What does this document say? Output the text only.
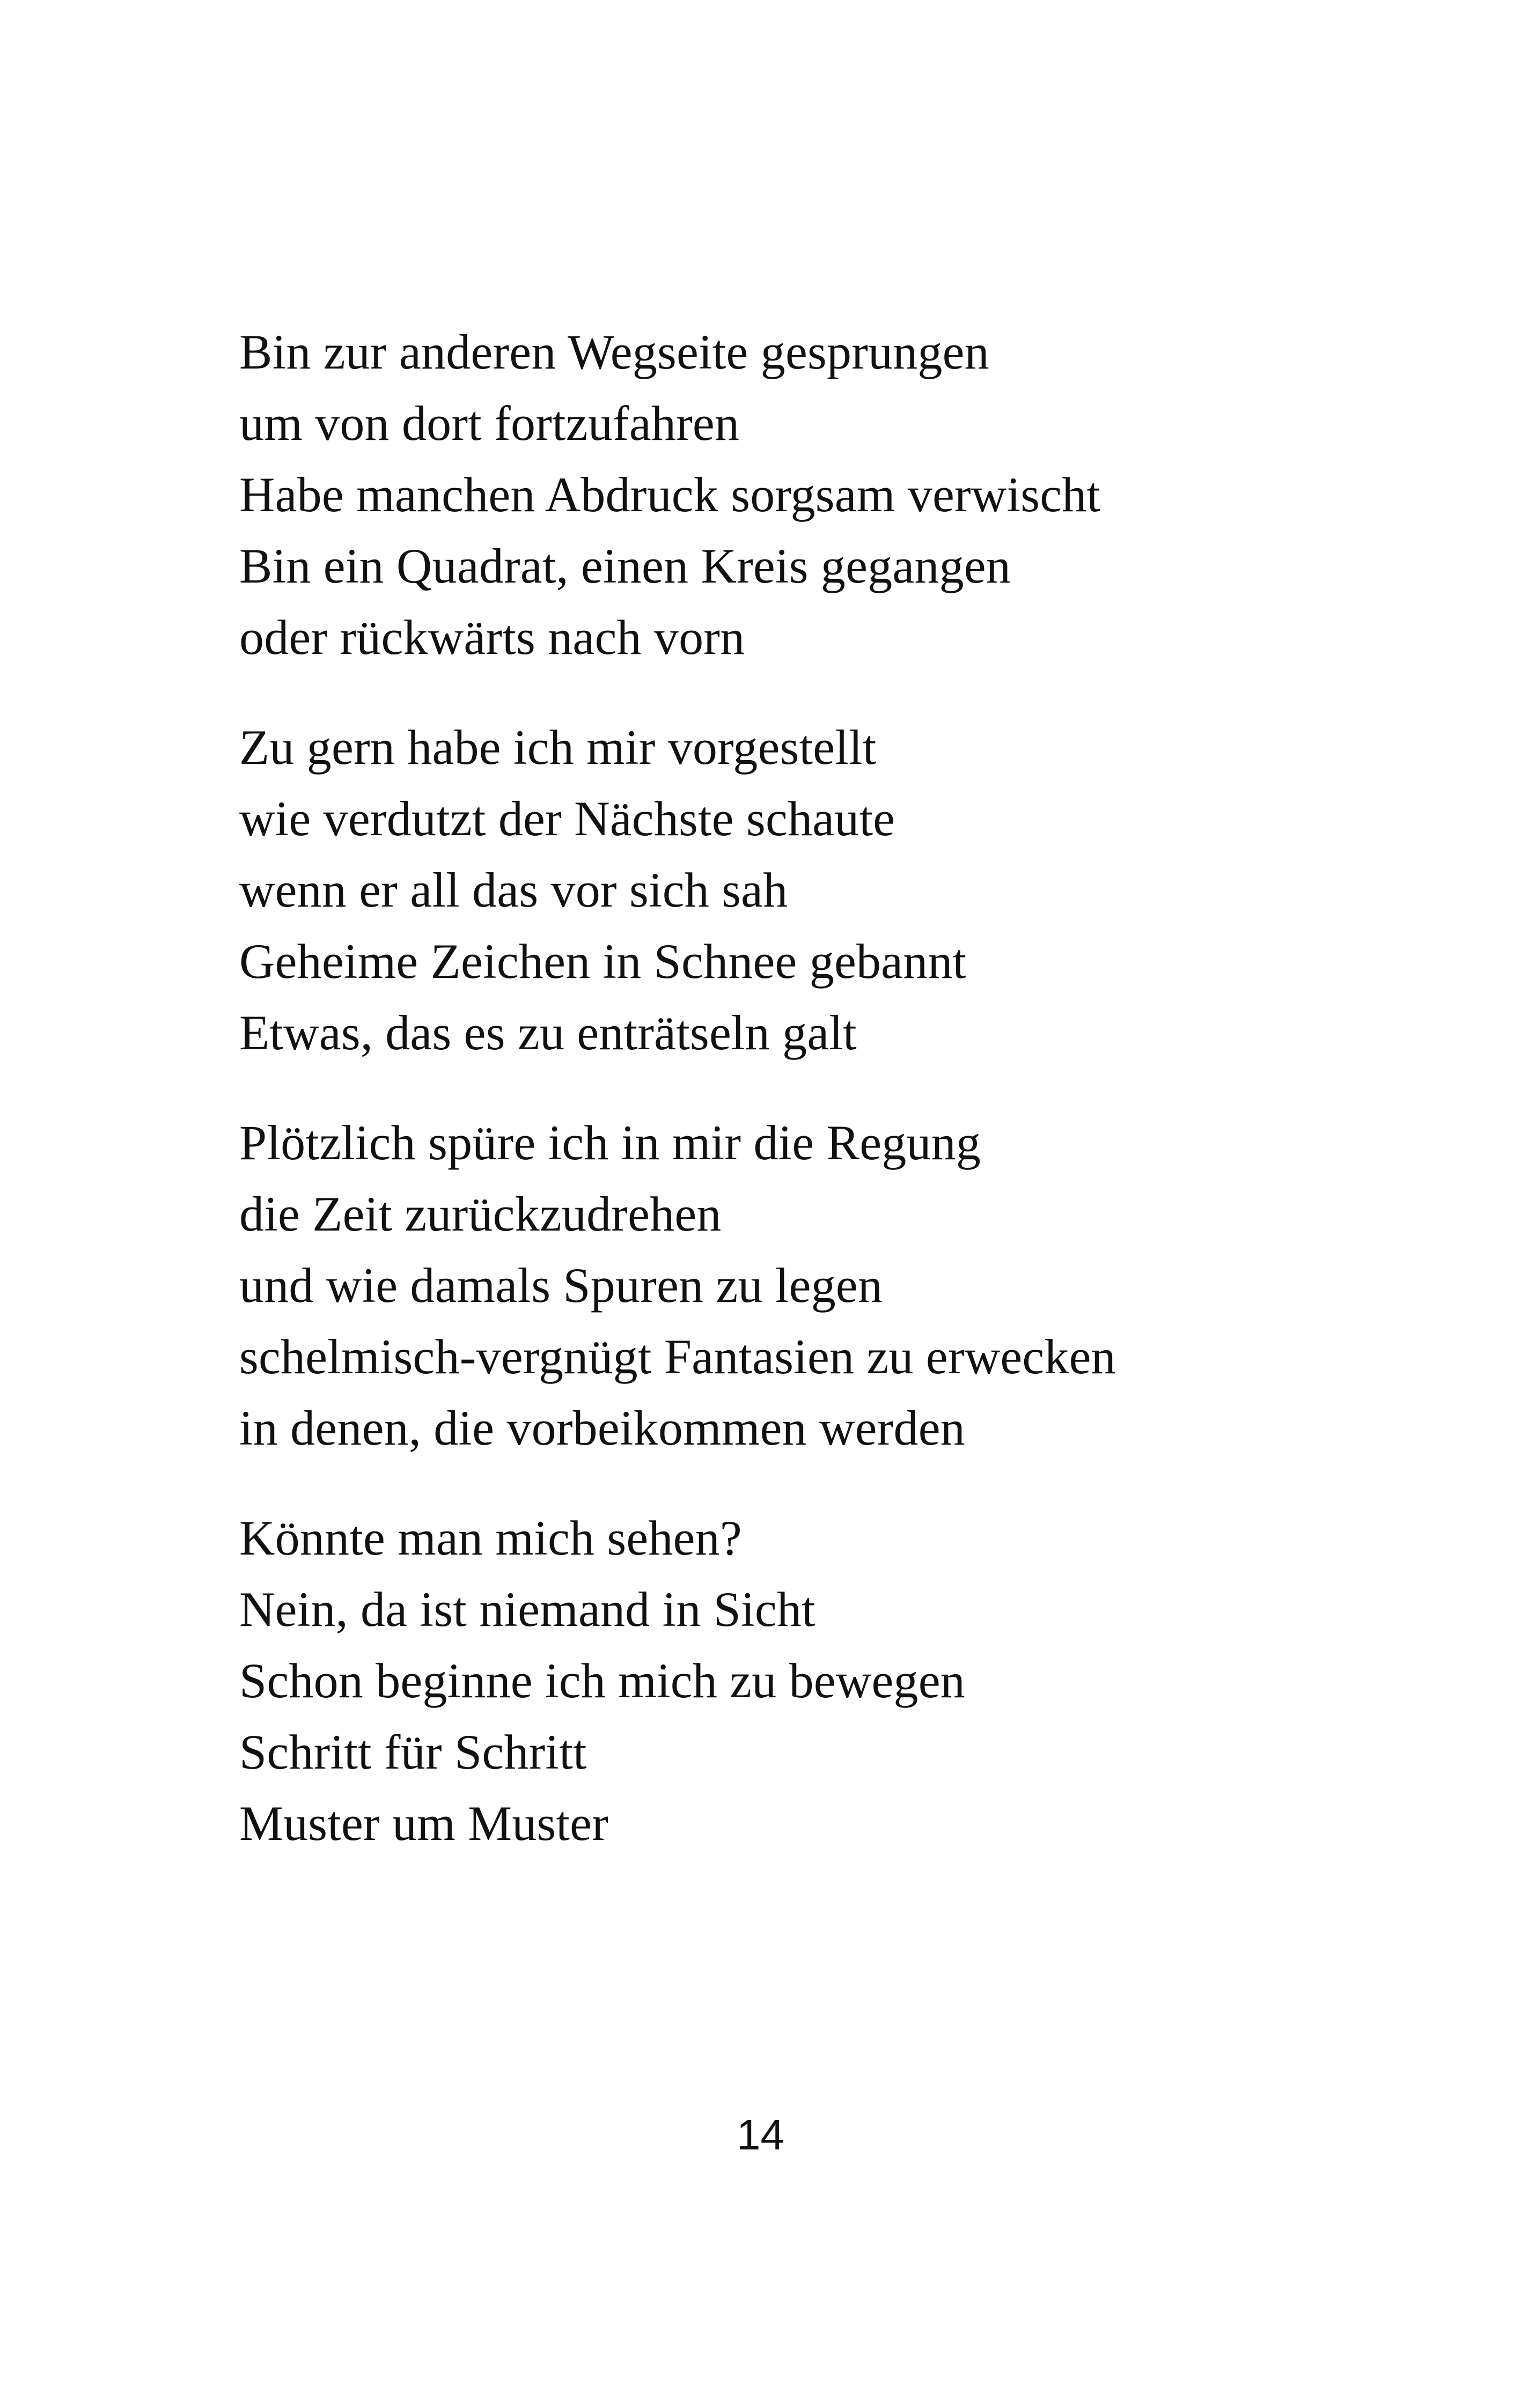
Bin zur anderen Wegseite gesprungen
um von dort fortzufahren
Habe manchen Abdruck sorgsam verwischt
Bin ein Quadrat, einen Kreis gegangen
oder rückwärts nach vorn
Zu gern habe ich mir vorgestellt
wie verdutzt der Nächste schaute
wenn er all das vor sich sah
Geheime Zeichen in Schnee gebannt
Etwas, das es zu enträtseln galt
Plötzlich spüre ich in mir die Regung
die Zeit zurückzudrehen
und wie damals Spuren zu legen
schelmisch-vergnügt Fantasien zu erwecken
in denen, die vorbeikommen werden
Könnte man mich sehen?
Nein, da ist niemand in Sicht
Schon beginne ich mich zu bewegen
Schritt für Schritt
Muster um Muster
14
